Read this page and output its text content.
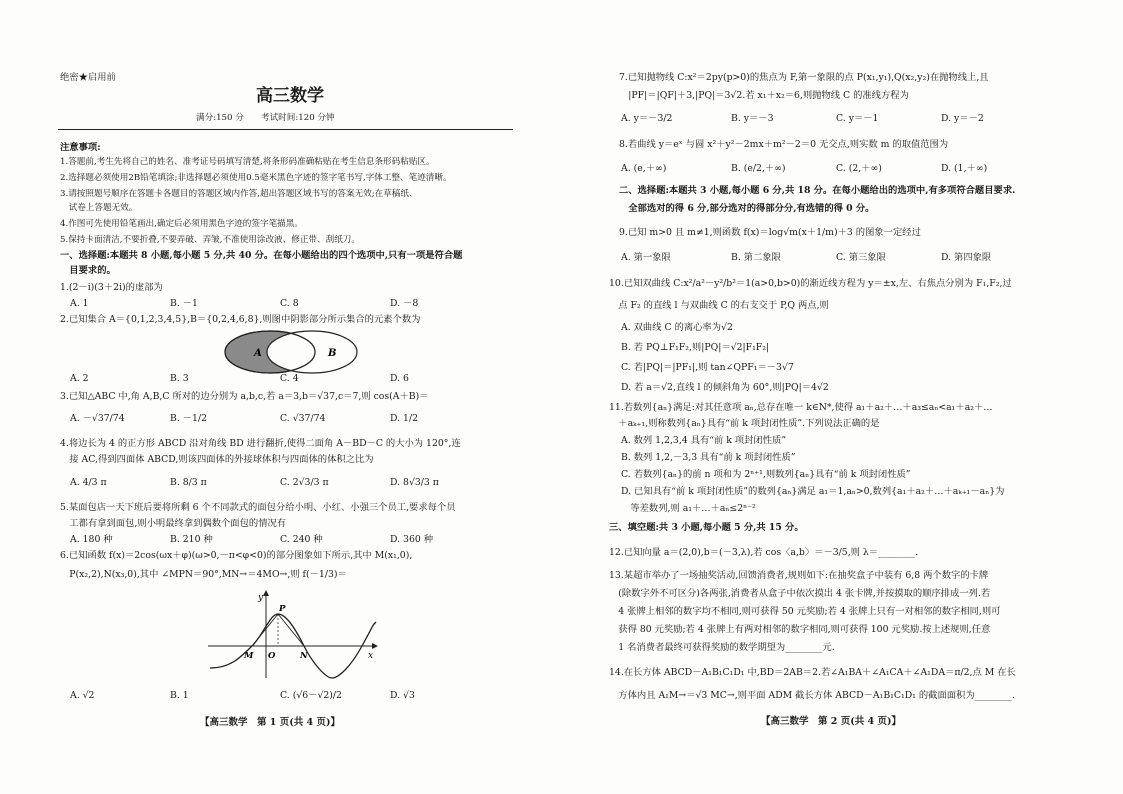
绝密★启用前
高三数学
满分:150 分　　考试时间:120 分钟
注意事项:
1.答题前,考生先将自己的姓名、准考证号码填写清楚,将条形码准确粘贴在考生信息条形码粘贴区。
2.选择题必须使用2B铅笔填涂;非选择题必须使用0.5毫米黑色字迹的签字笔书写,字体工整、笔迹清晰。
3.请按照题号顺序在答题卡各题目的答题区域内作答,超出答题区域书写的答案无效;在草稿纸、
　试卷上答题无效。
4.作图可先使用铅笔画出,确定后必须用黑色字迹的签字笔描黑。
5.保持卡面清洁,不要折叠,不要弄破、弄皱,不准使用涂改液、修正带、刮纸刀。
一、选择题:本题共 8 小题,每小题 5 分,共 40 分。在每小题给出的四个选项中,只有一项是符合题
　目要求的。
1.(2－i)(3＋2i)的虚部为
A. 1	B. －1	C. 8	D. －8
2.已知集合 A＝{0,1,2,3,4,5},B＝{0,2,4,6,8},则图中阴影部分所示集合的元素个数为
A	B
A. 2	B. 3	C. 4	D. 6
3.已知△ABC 中,角 A,B,C 所对的边分别为 a,b,c,若 a＝3,b＝√37,c＝7,则 cos(A＋B)＝
A. －√37/74	B. －1/2	C. √37/74	D. 1/2
4.将边长为 4 的正方形 ABCD 沿对角线 BD 进行翻折,使得二面角 A－BD－C 的大小为 120°,连
　接 AC,得到四面体 ABCD,则该四面体的外接球体积与四面体的体积之比为
A. 4/3 π	B. 8/3 π	C. 2√3/3 π	D. 8√3/3 π
5.某面包店一天下班后要将所剩 6 个不同款式的面包分给小明、小红、小强三个员工,要求每个员
　工都有拿到面包,则小明最终拿到偶数个面包的情况有
A. 180 种	B. 210 种	C. 240 种	D. 360 种
6.已知函数 f(x)＝2cos(ωx＋φ)(ω>0,－π<φ<0)的部分图象如下所示,其中 M(x₁,0),
　P(x₂,2),N(x₃,0),其中 ∠MPN＝90°,MN→＝4MO→,则 f(－1/3)＝
y
x
P
M O	N
A. √2	B. 1	C. (√6－√2)/2	D. √3
【高三数学　第 1 页(共 4 页)】
7.已知抛物线 C:x²＝2py(p>0)的焦点为 F,第一象限的点 P(x₁,y₁),Q(x₂,y₂)在抛物线上,且
　|PF|＝|QF|＋3,|PQ|＝3√2.若 x₁＋x₂＝6,则抛物线 C 的准线方程为
A. y＝－3/2	B. y＝－3	C. y＝－1	D. y＝－2
8.若曲线 y＝eˣ 与圆 x²＋y²－2mx＋m²－2＝0 无交点,则实数 m 的取值范围为
A. (e,＋∞)	B. (e/2,＋∞)	C. (2,＋∞)	D. (1,＋∞)
二、选择题:本题共 3 小题,每小题 6 分,共 18 分。在每小题给出的选项中,有多项符合题目要求.
　全部选对的得 6 分,部分选对的得部分分,有选错的得 0 分。
9.已知 m>0 且 m≠1,则函数 f(x)＝log√m(x＋1/m)＋3 的图象一定经过
A. 第一象限	B. 第二象限	C. 第三象限	D. 第四象限
10.已知双曲线 C:x²/a²－y²/b²＝1(a>0,b>0)的渐近线方程为 y＝±x,左、右焦点分别为 F₁,F₂,过
　点 F₂ 的直线 l 与双曲线 C 的右支交于 P,Q 两点,则
A. 双曲线 C 的离心率为√2
B. 若 PQ⊥F₁F₂,则|PQ|＝√2|F₁F₂|
C. 若|PQ|＝|PF₁|,则 tan∠QPF₁＝－3√7
D. 若 a＝√2,直线 l 的倾斜角为 60°,则|PQ|＝4√2
11.若数列{aₙ}满足:对其任意项 aₙ,总存在唯一 k∈N*,使得 a₁＋a₂＋…＋a₃≤aₙ<a₁＋a₂＋…
　＋aₖ₊₁,则称数列{aₙ}具有“前 k 项封闭性质”.下列说法正确的是
A. 数列 1,2,3,4 具有“前 k 项封闭性质”
B. 数列 1,2,－3,3 具有“前 k 项封闭性质”
C. 若数列{aₙ}的前 n 项和为 2ⁿ⁺¹,则数列{aₙ}具有“前 k 项封闭性质”
D. 已知具有“前 k 项封闭性质”的数列{aₙ}满足 a₁＝1,aₙ>0,数列{a₁＋a₂＋…＋aₖ₊₁－aₙ}为
　等差数列,则 a₁＋…＋aₙ≤2ⁿ⁻²
三、填空题:共 3 小题,每小题 5 分,共 15 分。
12.已知向量 a＝(2,0),b＝(－3,λ),若 cos〈a,b〉＝－3/5,则 λ＝________.
13.某超市举办了一场抽奖活动,回馈消费者,规则如下:在抽奖盒子中装有 6,8 两个数字的卡牌
　(除数字外不可区分)各两张,消费者从盒子中依次摸出 4 张卡牌,并按摸取的顺序排成一列.若
　4 张牌上相邻的数字均不相同,则可获得 50 元奖励;若 4 张牌上只有一对相邻的数字相同,则可
　获得 80 元奖励;若 4 张牌上有两对相邻的数字相同,则可获得 100 元奖励.按上述规则,任意
　1 名消费者最终可获得奖励的数学期望为________元.
14.在长方体 ABCD－A₁B₁C₁D₁ 中,BD＝2AB＝2.若∠A₁BA＋∠A₁CA＋∠A₁DA＝π/2,点 M 在长
　方体内且 A₁M→＝√3 MC→,则平面 ADM 截长方体 ABCD－A₁B₁C₁D₁ 的截面面积为________.
【高三数学　第 2 页(共 4 页)】
